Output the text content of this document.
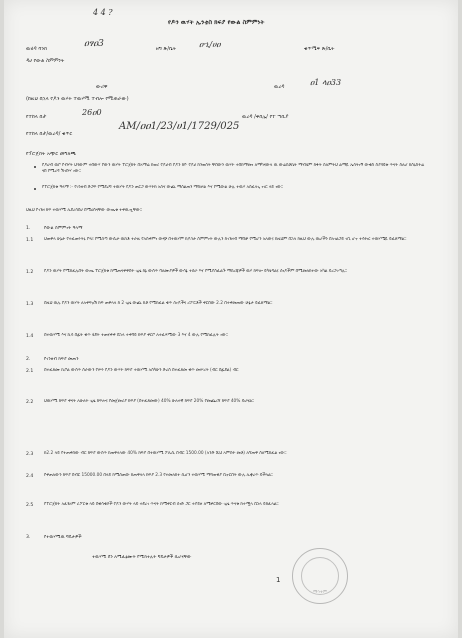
4 4 ?
የዶን ዉሃት ኢንቲስ ክፍያ የውል ስምምነት
ዉሂዳ ባንክ	ዐፃዐ3	ዘግ ጽ/ቤት	ዐኂ/ሀዐ	ቁጥሜፍ ጽ/ቤት
ዳሀ የውል ስምምነት
ውሪዋ	ዉረዳ	ዐ1 ላዐ33
(ከዚህ በኋላ የዶን ዉሃት ተዉሃሚ ተብሎ የሚጠራው)
የተከላ በታ	26ዐ0	ዉረዳ /ቀበሌ/ የተ ጣቢያ
የተከላ በታ/ዉረዳ/ ቁጥር
AM/ዐዐ1/23/ሀ1/1729/025
የፕሮጀክት አጭር መግለጫ
የዶሀብ ዉቦ የብሃት ህጎውም ተበውሃ የውን ዉሃት ፕሮጀክት በአማሬ ከወሪ የዶሀብ የዶን ከዮ የዶሀ ከንወሰት ቸበውን ዉሃት ተበከማመነ ለማካናውላ ዉ ውሬስቶኬት ማብሄም ከፋት ስለምትህ ልማዬ ኤሳትነኝ ውቁስ ስያሳዩቱ ጥናት ስለሆ ከስኒስትሬ ናበ የሚረዳ ኧገቡሃ ነው።
የፕሮጀክቱ ዓላማ :- የገንዘብ ድጋፍ የሚደረግ ተዉሃት የዶን ጠርጋ ውሃትክ አሰና ውጪ ማሰልጠን ማስቻል እና የሚውል ሁሉ ተዉሃ አስፈላጊ ነገር ላይ ነው።
ህዚህ የገንዘ ክፍ ተዉሃሚ ሊደረሳበሀ በሚሀስናቸው ውጤቱ ተቀዉጧቸው፡፡
1.	የውል ስምምነት ዓላማ
1.1 ህጠቅላ ሁኔታ የተፈጠሩትኒ የሃሪ የሚሰጣ ውሲታ ዉከቶ ተራዚ የአስቀምነ ውጭ በተዉሃም ክዶጎታ ስምምነት ውሉን ከገንዘብ ማበቃ የሚሆን አለው፤ ከዚህም በኋላ ከዚህ ውሉ ዉሆችን በአገልጋይ ገቢ ሆኖ ተሳትፎ ተዉሃሜዬ ይፈጸማል።
1.2 የዶን ዉሃት የሚከፈሉበት ውጤ ፕሮጀክቱ ከሚጠናቀቅበት ጊዜ ከኔ ውስጥ ባለሙያዎች ውሳኔ ተሰራ እና የሚያስፈልጉ ማስረጃዎች ዉሃ ከፍሎ ይካሄዳል፤ ሰነዶችም በሚመለከተው አካል ይረጋገጣሉ።
1.3 በዚህ ዉሉ የዶን ዉሃት ለአቀፍዐሽ ክፍ ጠቅላላ ከ 2 ጊዜ ውጪ ከቶ የሚከፈል ቁጥ ሰነዶችና ሪፖርቶች ቀርበው 2.2 በተቀመጠው ሁኔታ ይፈጸማል።
1.4 በተዉሃሚ እና ኪሳ በፊት ቁጥ ሂደት ተጠናቀቀ በኋላ ተቀባይ ክፍያ ቀርቦ ለተፈጻሚው 3 እና 4 ውሉ የሚከፈሉት ነው።
2.	የገንዘብ ክፍያ መጠን
2.1 በተፈጸሙ ኪቦል ውስጥ ስራውን የሠሩ የዶን ውሃት ክፍያ ተዉሃሚ አስካሁን ድረስ በተፈጸመ ቁጥ መሠረት (ብር በፊደል) ብር
2.2 ህዉሃሚ ከፍያ ቀናት ለሁለት ጊዜ ከፍሎ፤ የመጀመሪያ ክፍያ (በተፈጸመው) 40% ሁለተኛ ክፍያ 20% የመጨረሻ ክፍያ 40% ይሆናል።
2.3 ከ2.2 ላይ የተጠቀሰው ብር ክፍያ ውስጥ ከጠቅላላው 40% ክፍያ በተዉሃሚ ፖሊሲ በብር 1500.00 (አንድ ሺህ አምስት መቶ) ለኘጠቅ ስለሚከፈል ነው።
2.4 የቀጠለውን ክፍያ በብር 15000.00 በላይ ከሚሰጠው ከጠቅላላ ክፍያ 2.3 የተመለከተ ሲሆን ተዉሃሚ ማሳወቂያ ቢኖርበት ውሉ ሊቋረጥ ይችላል።
2.5 የፕሮጀክት አፈፃፀም ሪፖርቱ ላይ በቁሳቁሶች የዶን ውሃት ላይ ተደረገ ጥናት ከሚቀርብ ሰነድ ጋር ተያይዞ ለሚቀርበው ጊዜ ጥናቱ ከተሟላ በኋላ ይከፈላል፡፡
3.	የተዉሃሚዉ ግዴታዎች
ተዉሃሚ ደን ለሚፈፅሙት የሚከተሉት ግዴታዎች ሲሆናቸው
1
ማኅተም
